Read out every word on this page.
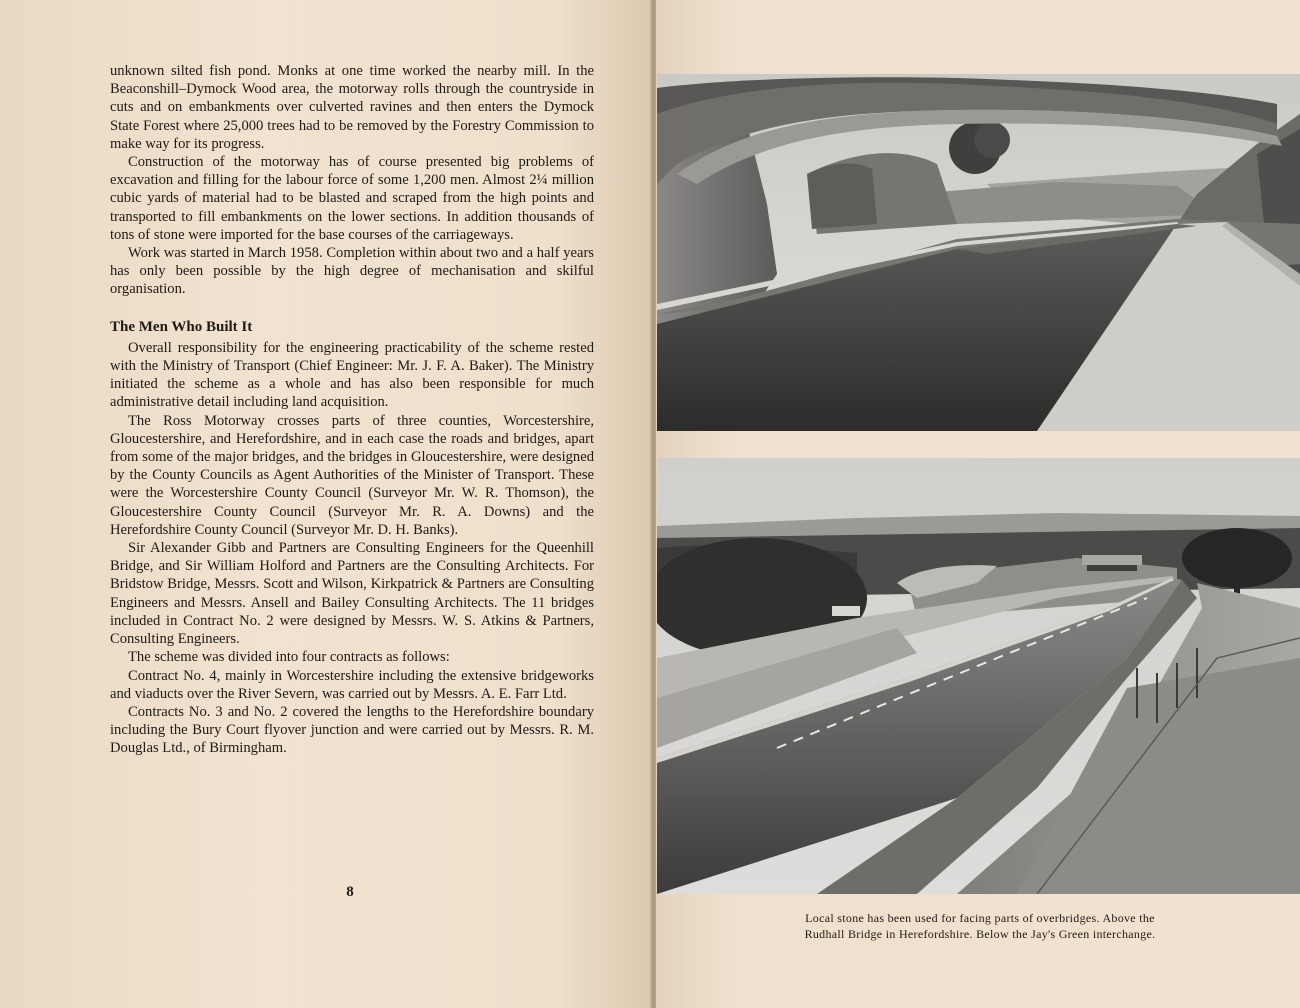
unknown silted fish pond. Monks at one time worked the nearby mill. In the Beaconshill–Dymock Wood area, the motorway rolls through the countryside in cuts and on embankments over culverted ravines and then enters the Dymock State Forest where 25,000 trees had to be removed by the Forestry Commission to make way for its progress.

Construction of the motorway has of course presented big problems of excavation and filling for the labour force of some 1,200 men. Almost 2¼ million cubic yards of material had to be blasted and scraped from the high points and transported to fill embankments on the lower sections. In addition thousands of tons of stone were imported for the base courses of the carriageways.

Work was started in March 1958. Completion within about two and a half years has only been possible by the high degree of mechanisation and skilful organisation.

The Men Who Built It

Overall responsibility for the engineering practicability of the scheme rested with the Ministry of Transport (Chief Engineer: Mr. J. F. A. Baker). The Ministry initiated the scheme as a whole and has also been responsible for much administrative detail including land acquisition.

The Ross Motorway crosses parts of three counties, Worcestershire, Gloucestershire, and Herefordshire, and in each case the roads and bridges, apart from some of the major bridges, and the bridges in Gloucestershire, were designed by the County Councils as Agent Authorities of the Minister of Transport. These were the Worcestershire County Council (Surveyor Mr. W. R. Thomson), the Gloucestershire County Council (Surveyor Mr. R. A. Downs) and the Herefordshire County Council (Surveyor Mr. D. H. Banks).

Sir Alexander Gibb and Partners are Consulting Engineers for the Queenhill Bridge, and Sir William Holford and Partners are the Consulting Architects. For Bridstow Bridge, Messrs. Scott and Wilson, Kirkpatrick & Partners are Consulting Engineers and Messrs. Ansell and Bailey Consulting Architects. The 11 bridges included in Contract No. 2 were designed by Messrs. W. S. Atkins & Partners, Consulting Engineers.

The scheme was divided into four contracts as follows:

Contract No. 4, mainly in Worcestershire including the extensive bridgeworks and viaducts over the River Severn, was carried out by Messrs. A. E. Farr Ltd.

Contracts No. 3 and No. 2 covered the lengths to the Herefordshire boundary including the Bury Court flyover junction and were carried out by Messrs. R. M. Douglas Ltd., of Birmingham.

8
Local stone has been used for facing parts of overbridges. Above the
Rudhall Bridge in Herefordshire. Below the Jay's Green interchange.
